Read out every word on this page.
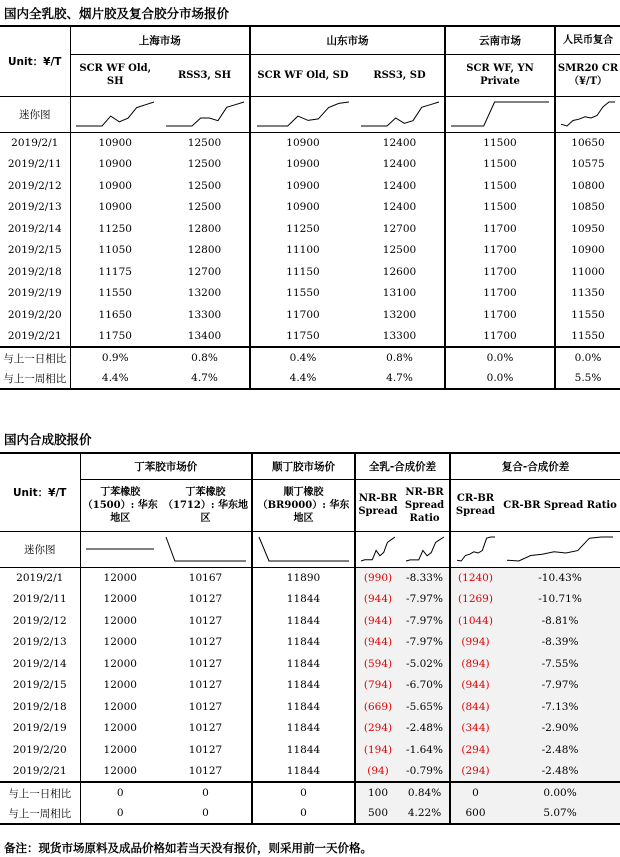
国内全乳胶、烟片胶及复合胶分市场报价
Unit：¥/T	上海市场		山东市场		云南市场	人民币复合
	SCR WF Old, SH	RSS3, SH	SCR WF Old, SD	RSS3, SD	SCR WF, YN Private	SMR20 CR（¥/T）
迷你图	

2019/2/1	10900	12500	10900	12400	11500	10650
2019/2/11	10900	12500	10900	12400	11500	10575
2019/2/12	10900	12500	10900	12400	11500	10800
2019/2/13	10900	12500	10900	12400	11500	10850
2019/2/14	11250	12800	11250	12700	11700	10950
2019/2/15	11050	12800	11100	12500	11700	10900
2019/2/18	11175	12700	11150	12600	11700	11000
2019/2/19	11550	13200	11550	13100	11700	11350
2019/2/20	11650	13300	11700	13200	11700	11550
2019/2/21	11750	13400	11750	13300	11700	11550
与上一日相比	0.9%	0.8%	0.4%	0.8%	0.0%	0.0%
与上一周相比	4.4%	4.7%	4.4%	4.7%	0.0%	5.5%
国内合成胶报价
Unit：¥/T	丁苯胶市场价		顺丁胶市场价	全乳-合成价差		复合-合成价差	
	丁苯橡胶（1500）: 华东地区	丁苯橡胶（1712）: 华东地区	顺丁橡胶（BR9000）: 华东地区	NR-BR Spread	NR-BR Spread Ratio	CR-BR Spread	CR-BR Spread Ratio
迷你图	

2019/2/1	12000	10167	11890	(990)	-8.33%	(1240)	-10.43%
2019/2/11	12000	10127	11844	(944)	-7.97%	(1269)	-10.71%
2019/2/12	12000	10127	11844	(944)	-7.97%	(1044)	-8.81%
2019/2/13	12000	10127	11844	(944)	-7.97%	(994)	-8.39%
2019/2/14	12000	10127	11844	(594)	-5.02%	(894)	-7.55%
2019/2/15	12000	10127	11844	(794)	-6.70%	(944)	-7.97%
2019/2/18	12000	10127	11844	(669)	-5.65%	(844)	-7.13%
2019/2/19	12000	10127	11844	(294)	-2.48%	(344)	-2.90%
2019/2/20	12000	10127	11844	(194)	-1.64%	(294)	-2.48%
2019/2/21	12000	10127	11844	(94)	-0.79%	(294)	-2.48%
与上一日相比	0	0	0	100	0.84%	0	0.00%
与上一周相比	0	0	0	500	4.22%	600	5.07%
备注：现货市场原料及成品价格如若当天没有报价，则采用前一天价格。
